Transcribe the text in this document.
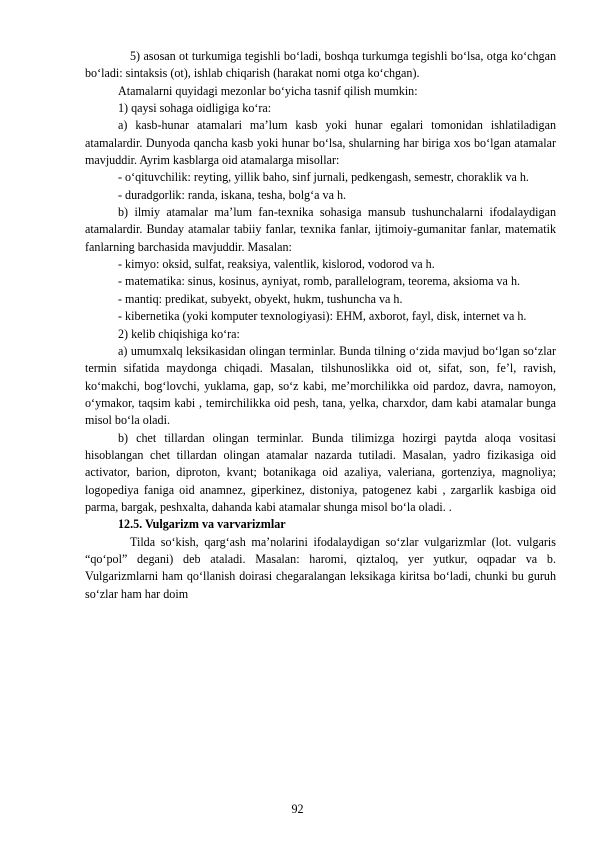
5) asosan ot turkumiga tegishli bo‘ladi, boshqa turkumga tegishli bo‘lsa, otga ko‘chgan bo‘ladi: sintaksis (ot), ishlab chiqarish (harakat nomi otga ko‘chgan).

Atamalarni quyidagi mezonlar bo‘yicha tasnif qilish mumkin:

1) qaysi sohaga oidligiga ko‘ra:

a) kasb-hunar atamalari ma’lum kasb yoki hunar egalari tomonidan ishlatiladigan atamalardir. Dunyoda qancha kasb yoki hunar bo‘lsa, shularning har biriga xos bo‘lgan atamalar mavjuddir. Ayrim kasblarga oid atamalarga misollar:

- o‘qituvchilik: reyting, yillik baho, sinf jurnali, pedkengash, semestr, choraklik va h.

- duradgorlik: randa, iskana, tesha, bolg‘a va h.

b) ilmiy atamalar ma’lum fan-texnika sohasiga mansub tushunchalarni ifodalaydigan atamalardir. Bunday atamalar tabiiy fanlar, texnika fanlar, ijtimoiy-gumanitar fanlar, matematik fanlarning barchasida mavjuddir. Masalan:

- kimyo: oksid, sulfat, reaksiya, valentlik, kislorod, vodorod va h.

- matematika: sinus, kosinus, ayniyat, romb, parallelogram, teorema, aksioma va h.

- mantiq: predikat, subyekt, obyekt, hukm, tushuncha va h.

- kibernetika (yoki komputer texnologiyasi): EHM, axborot, fayl, disk, internet va h.

2) kelib chiqishiga ko‘ra:

a) umumxalq leksikasidan olingan terminlar. Bunda tilning o‘zida mavjud bo‘lgan so‘zlar termin sifatida maydonga chiqadi. Masalan, tilshunoslikka oid ot, sifat, son, fe’l, ravish, ko‘makchi, bog‘lovchi, yuklama, gap, so‘z kabi, me’morchilikka oid pardoz, davra, namoyon, o‘ymakor, taqsim kabi , temirchilikka oid pesh, tana, yelka, charxdor, dam kabi atamalar bunga misol bo‘la oladi.

b) chet tillardan olingan terminlar. Bunda tilimizga hozirgi paytda aloqa vositasi hisoblangan chet tillardan olingan atamalar nazarda tutiladi. Masalan, yadro fizikasiga oid activator, barion, diproton, kvant; botanikaga oid azaliya, valeriana, gortenziya, magnoliya; logopediya faniga oid anamnez, giperkinez, distoniya, patogenez kabi , zargarlik kasbiga oid parma, bargak, peshxalta, dahanda kabi atamalar shunga misol bo‘la oladi. .

12.5. Vulgarizm va varvarizmlar

Tilda so‘kish, qarg‘ash ma’nolarini ifodalaydigan so‘zlar vulgarizmlar (lot. vulgaris “qo‘pol” degani) deb ataladi. Masalan: haromi, qiztaloq, yer yutkur, oqpadar va b. Vulgarizmlarni ham qo‘llanish doirasi chegaralangan leksikaga kiritsa bo‘ladi, chunki bu guruh so‘zlar ham har doim

92
